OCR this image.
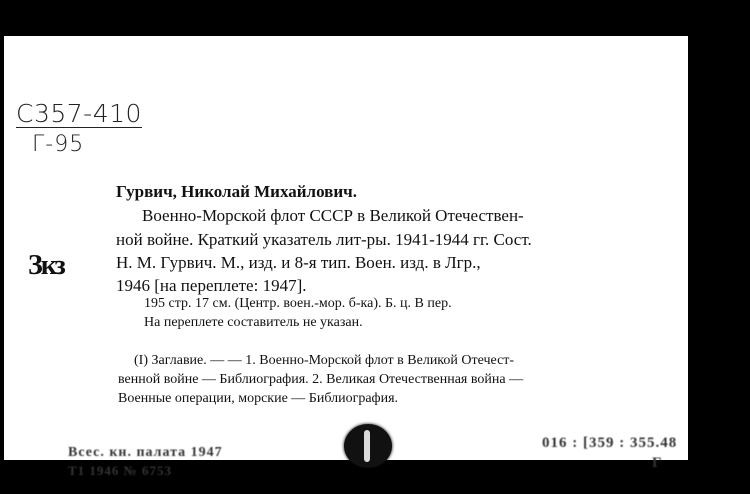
C357-410
Г-95
Зкз
Гурвич, Николай Михайлович.
Военно-Морской флот СССР в Великой Отечествен-
ной войне. Краткий указатель лит-ры. 1941-1944 гг. Сост.
Н. М. Гурвич. М., изд. и 8-я тип. Воен. изд. в Лгр.,
1946 [на переплете: 1947].
195 стр. 17 см. (Центр. воен.-мор. б-ка). Б. ц. В пер.
На переплете составитель не указан.
(I) Заглавие. — — 1. Военно-Морской флот в Великой Отечест-
венной войне — Библиография. 2. Великая Отечественная война —
Военные операции, морские — Библиография.
Всес. кн. палата 1947
Т1 1946 № 6753
016 : [359 : 355.48
Г
